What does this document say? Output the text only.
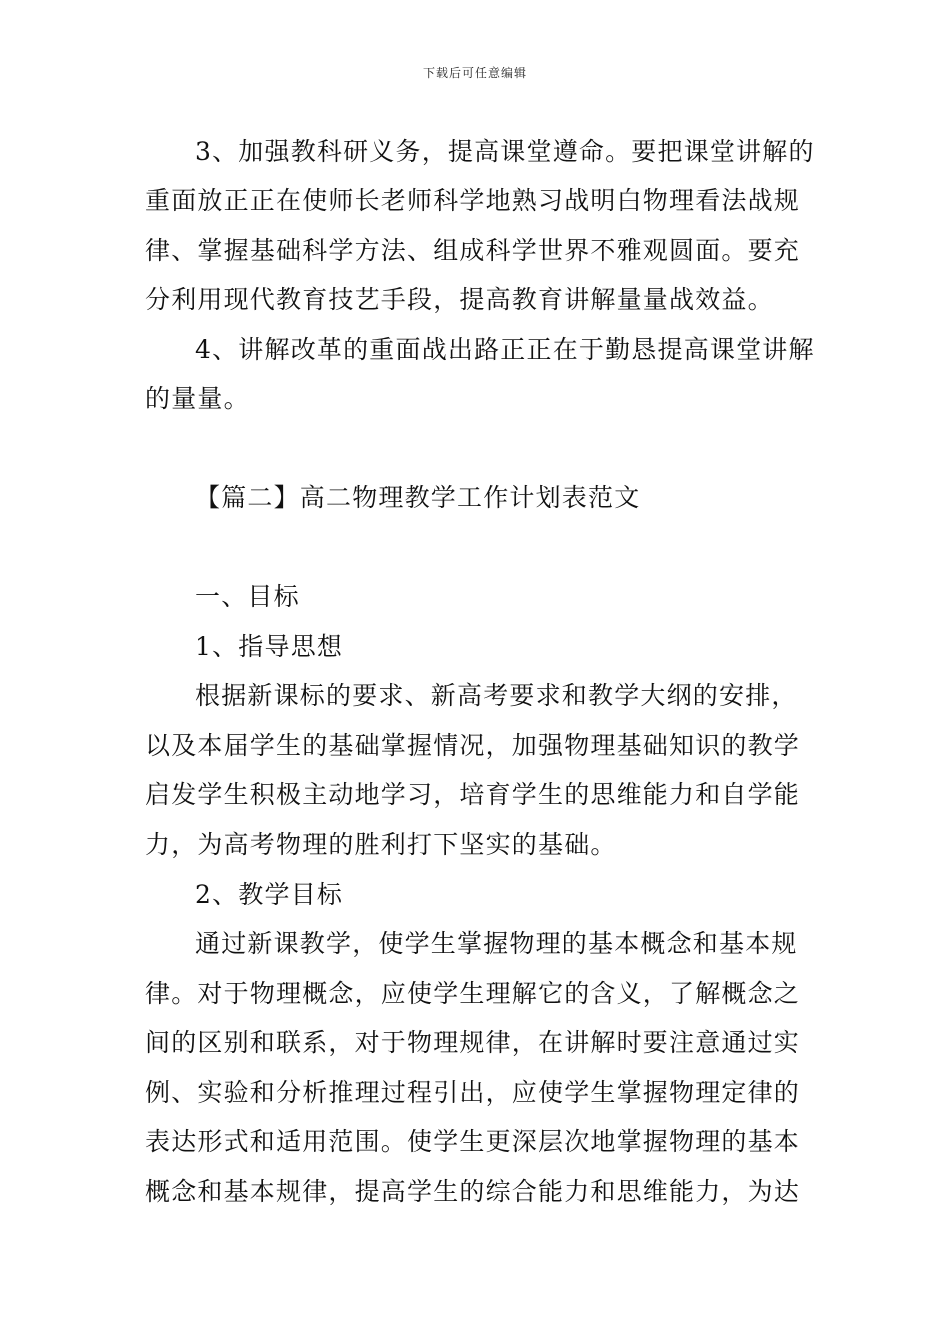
下载后可任意编辑
3、加强教科研义务，提高课堂遵命。要把课堂讲解的
重面放正正在使师长老师科学地熟习战明白物理看法战规
律、掌握基础科学方法、组成科学世界不雅观圆面。要充
分利用现代教育技艺手段，提高教育讲解量量战效益。
4、讲解改革的重面战出路正正在于勤恳提高课堂讲解
的量量。
【篇二】高二物理教学工作计划表范文
一、目标
1、指导思想
根据新课标的要求、新高考要求和教学大纲的安排，
以及本届学生的基础掌握情况，加强物理基础知识的教学
启发学生积极主动地学习，培育学生的思维能力和自学能
力，为高考物理的胜利打下坚实的基础。
2、教学目标
通过新课教学，使学生掌握物理的基本概念和基本规
律。对于物理概念，应使学生理解它的含义，了解概念之
间的区别和联系，对于物理规律，在讲解时要注意通过实
例、实验和分析推理过程引出，应使学生掌握物理定律的
表达形式和适用范围。使学生更深层次地掌握物理的基本
概念和基本规律，提高学生的综合能力和思维能力，为达
